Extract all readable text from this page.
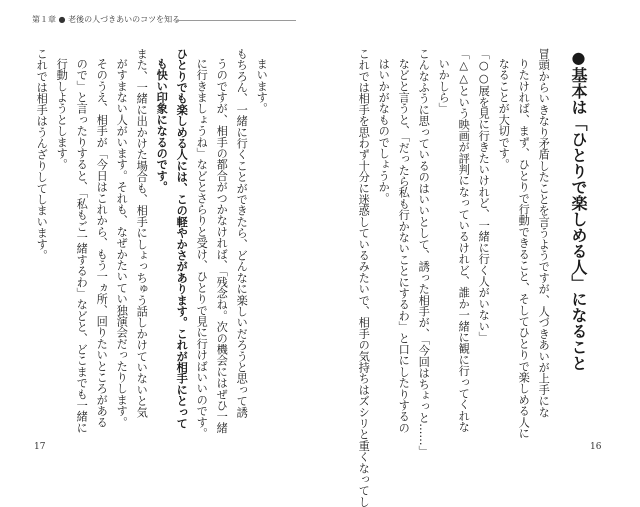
第１章 ● 老後の人づきあいのコツを知る
●基本は「ひとりで楽しめる人」になること
冒頭からいきなり矛盾したことを言うようですが、人づきあいが上手にな
りたければ、まず、ひとりで行動できること、そしてひとりで楽しめる人に
なることが大切です。
「○○展を見に行きたいけれど、一緒に行く人がいない」
「△△という映画が評判になっているけれど、誰か一緒に観に行ってくれな
いかしら」
こんなふうに思っているのはいいとして、誘った相手が、「今回はちょっと……」
などと言うと、「だったら私も行かないことにするわ」と口にしたりするの
はいかがなものでしょうか。
これでは相手を思わず十分に迷惑しているみたいで、相手の気持ちはズシリと重くなってし
まいます。
もちろん、一緒に行くことができたら、どんなに楽しいだろうと思って誘
うのですが、相手の都合がつかなければ、「残念ね。次の機会にはぜひ一緒
に行きましょうね」などとさらりと受け、ひとりで見に行けばいいのです。
ひとりでも楽しめる人には、この軽やかさがあります。これが相手にとって
も快い印象になるのです。
また、一緒に出かけた場合も、相手にしょっちゅう話しかけていないと気
がすまない人がいます。それも、なぜかたいてい独演会だったりします。
そのうえ、相手が「今日はこれから、もう一ヵ所、回りたいところがある
ので」と言ったりすると、「私もご一緒するわ」などと、どこまでも一緒に
行動しようとします。
これでは相手はうんざりしてしまいます。
17	16
